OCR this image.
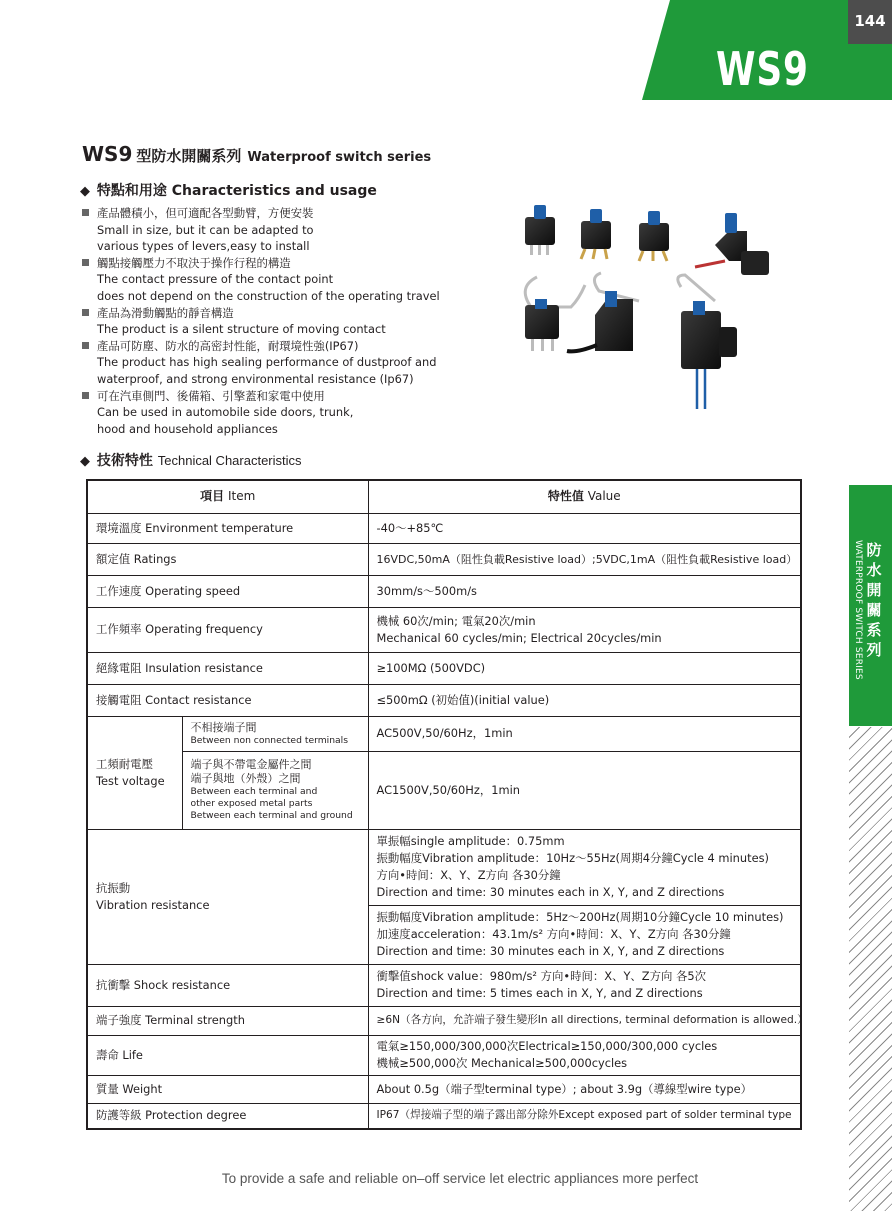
WS9
144
WS9 型防水開關系列 Waterproof switch series
◆ 特點和用途 Characteristics and usage
產品體積小，但可適配各型動臂，方便安裝
Small in size, but it can be adapted to
various types of levers,easy to install
觸點接觸壓力不取決于操作行程的構造
The contact pressure of the contact point
does not depend on the construction of the operating travel
產品為滑動觸點的靜音構造
The product is a silent structure of moving contact
產品可防塵、防水的高密封性能，耐環境性強(IP67)
The product has high sealing performance of dustproof and
waterproof, and strong environmental resistance (Ip67)
可在汽車側門、後備箱、引擎蓋和家電中使用
Can be used in automobile side doors, trunk,
hood and household appliances
◆ 技術特性 Technical Characteristics
項目 Item		特性值 Value
環境溫度 Environment temperature		-40～+85℃
額定值 Ratings		16VDC,50mA（阻性負載Resistive load）;5VDC,1mA（阻性負載Resistive load）
工作速度 Operating speed		30mm/s～500m/s
工作頻率 Operating frequency		機械 60次/min; 電氣20次/min
Mechanical 60 cycles/min; Electrical 20cycles/min

絕緣電阻 Insulation resistance		≥100MΩ (500VDC)
接觸電阻 Contact resistance		≤500mΩ (初始值)(initial value)

工頻耐電壓
Test voltage	不相接端子間
Between non connected terminals	AC500V,50/60Hz，1min

	端子與不帶電金屬件之間
端子與地（外殼）之間
Between each terminal and
other exposed metal parts
Between each terminal and ground	AC1500V,50/60Hz，1min

抗振動
Vibration resistance		單振幅single amplitude：0.75mm
振動幅度Vibration amplitude：10Hz～55Hz(周期4分鐘Cycle 4 minutes)
方向•時间：X、Y、Z方向 各30分鐘
Direction and time: 30 minutes each in X, Y, and Z directions

		振動幅度Vibration amplitude：5Hz～200Hz(周期10分鐘Cycle 10 minutes)
加速度acceleration：43.1m/s² 方向•時间：X、Y、Z方向 各30分鐘
Direction and time: 30 minutes each in X, Y, and Z directions

抗衝擊 Shock resistance		衝擊值shock value：980m/s² 方向•時间：X、Y、Z方向 各5次
Direction and time: 5 times each in X, Y, and Z directions

端子強度 Terminal strength		≥6N（各方向，允許端子發生變形In all directions, terminal deformation is allowed.）
壽命 Life		電氣≥150,000/300,000次Electrical≥150,000/300,000 cycles
機械≥500,000次 Mechanical≥500,000cycles

質量 Weight		About 0.5g（端子型terminal type）; about 3.9g（導線型wire type）
防護等級 Protection degree		IP67（焊接端子型的端子露出部分除外Except exposed part of solder terminal type
防
水
開
關
系
列
WATERPROOF SWITCH SERIES
To provide a safe and reliable on–off service let electric appliances more perfect
